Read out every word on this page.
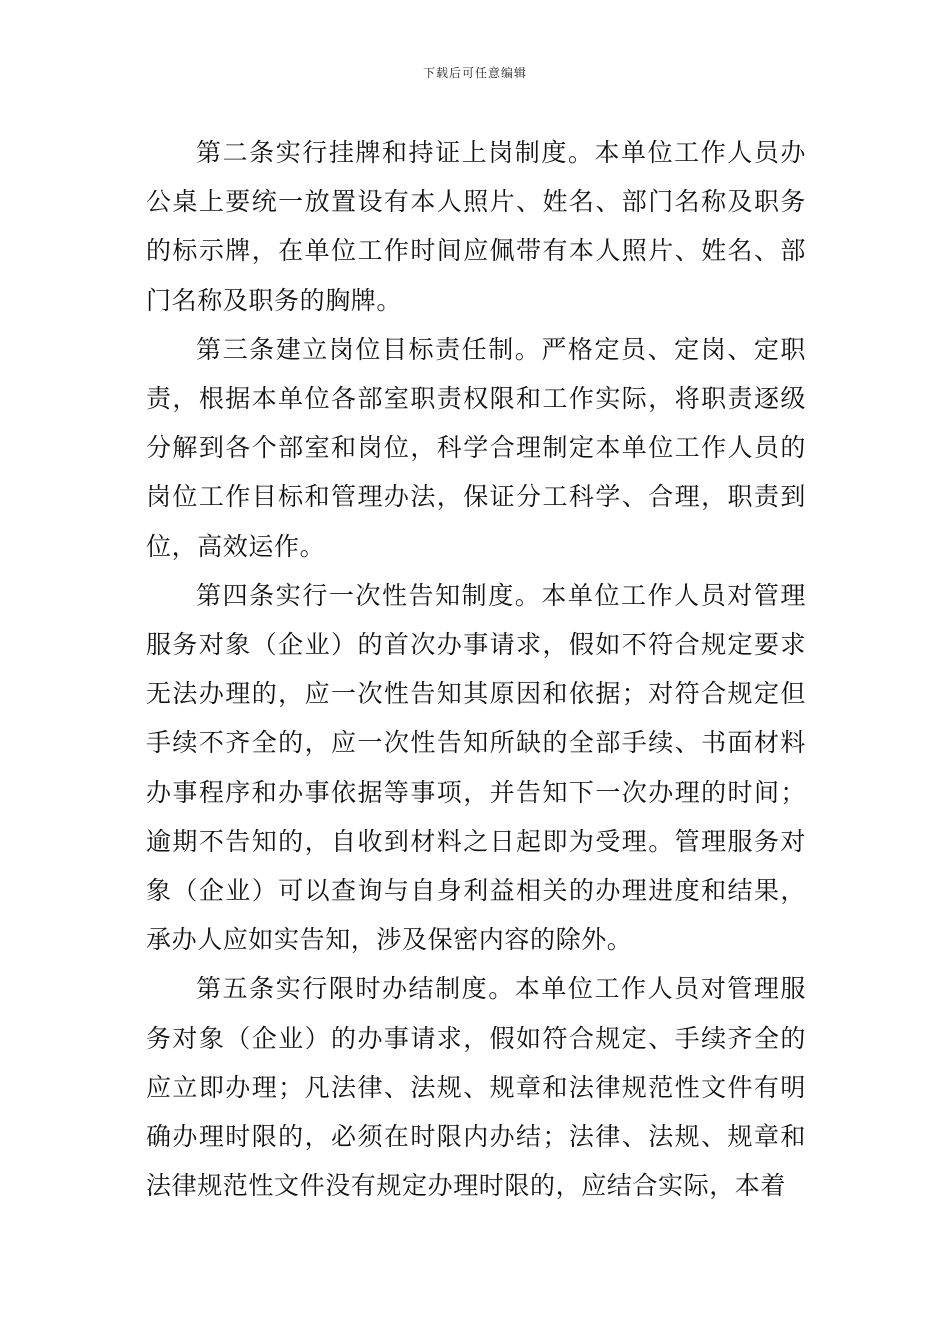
下载后可任意编辑

第二条实行挂牌和持证上岗制度。本单位工作人员办公桌上要统一放置设有本人照片、姓名、部门名称及职务的标示牌，在单位工作时间应佩带有本人照片、姓名、部门名称及职务的胸牌。

第三条建立岗位目标责任制。严格定员、定岗、定职责，根据本单位各部室职责权限和工作实际，将职责逐级分解到各个部室和岗位，科学合理制定本单位工作人员的岗位工作目标和管理办法，保证分工科学、合理，职责到位，高效运作。

第四条实行一次性告知制度。本单位工作人员对管理服务对象（企业）的首次办事请求，假如不符合规定要求无法办理的，应一次性告知其原因和依据；对符合规定但手续不齐全的，应一次性告知所缺的全部手续、书面材料办事程序和办事依据等事项，并告知下一次办理的时间；逾期不告知的，自收到材料之日起即为受理。管理服务对象（企业）可以查询与自身利益相关的办理进度和结果，承办人应如实告知，涉及保密内容的除外。

第五条实行限时办结制度。本单位工作人员对管理服务对象（企业）的办事请求，假如符合规定、手续齐全的应立即办理；凡法律、法规、规章和法律规范性文件有明确办理时限的，必须在时限内办结；法律、法规、规章和法律规范性文件没有规定办理时限的，应结合实际，本着
